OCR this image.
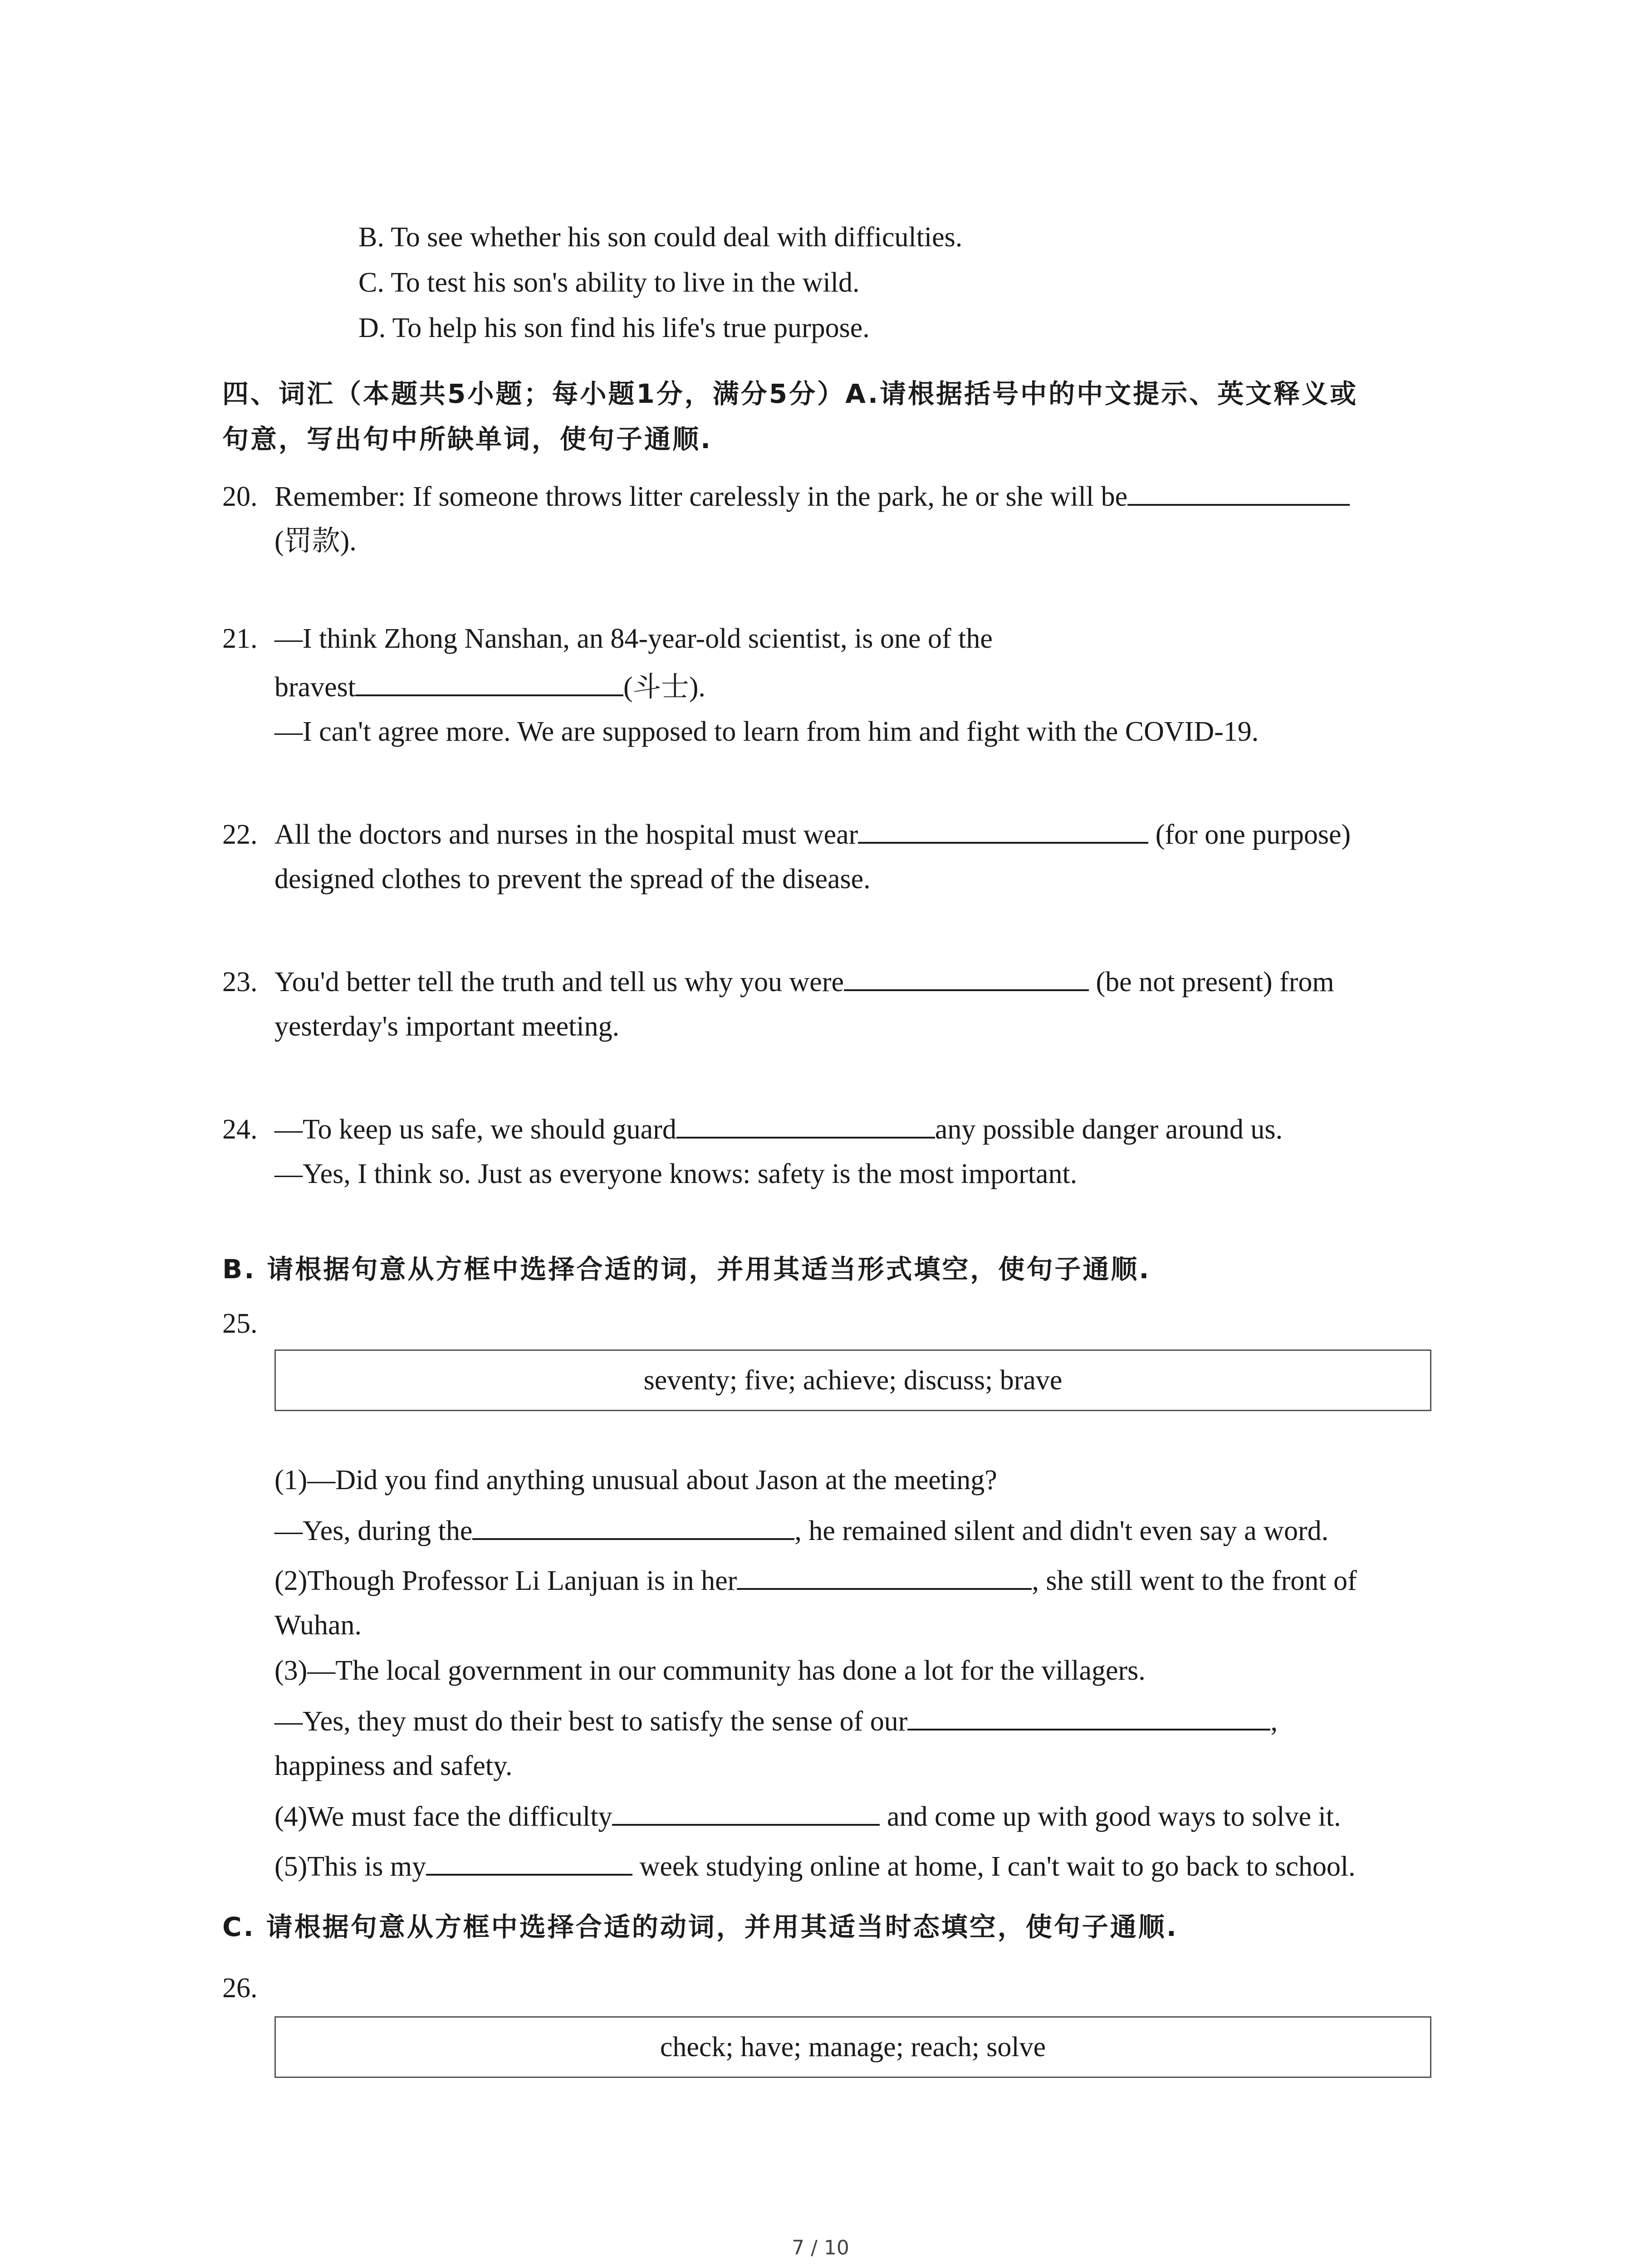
B. To see whether his son could deal with difficulties.
C. To test his son's ability to live in the wild.
D. To help his son find his life's true purpose.
四、词汇（本题共5小题；每小题1分，满分5分）A.请根据括号中的中文提示、英文释义或
句意，写出句中所缺单词，使句子通顺.
20. Remember: If someone throws litter carelessly in the park, he or she will be
(罚款).
21. —I think Zhong Nanshan, an 84-year-old scientist, is one of the
bravest	(斗士).
—I can't agree more. We are supposed to learn from him and fight with the COVID-19.
22. All the doctors and nurses in the hospital must wear	(for one purpose)
designed clothes to prevent the spread of the disease.
23. You'd better tell the truth and tell us why you were	(be not present) from
yesterday's important meeting.
24. —To keep us safe, we should guard	any possible danger around us.
—Yes, I think so. Just as everyone knows: safety is the most important.
B. 请根据句意从方框中选择合适的词，并用其适当形式填空，使句子通顺.
25.
seventy; five; achieve; discuss; brave
(1)—Did you find anything unusual about Jason at the meeting?
—Yes, during the	, he remained silent and didn't even say a word.
(2)Though Professor Li Lanjuan is in her	, she still went to the front of
Wuhan.
(3)—The local government in our community has done a lot for the villagers.
—Yes, they must do their best to satisfy the sense of our	,
happiness and safety.
(4)We must face the difficulty	and come up with good ways to solve it.
(5)This is my	week studying online at home, I can't wait to go back to school.
C. 请根据句意从方框中选择合适的动词，并用其适当时态填空，使句子通顺.
26.
check; have; manage; reach; solve
7 / 10
